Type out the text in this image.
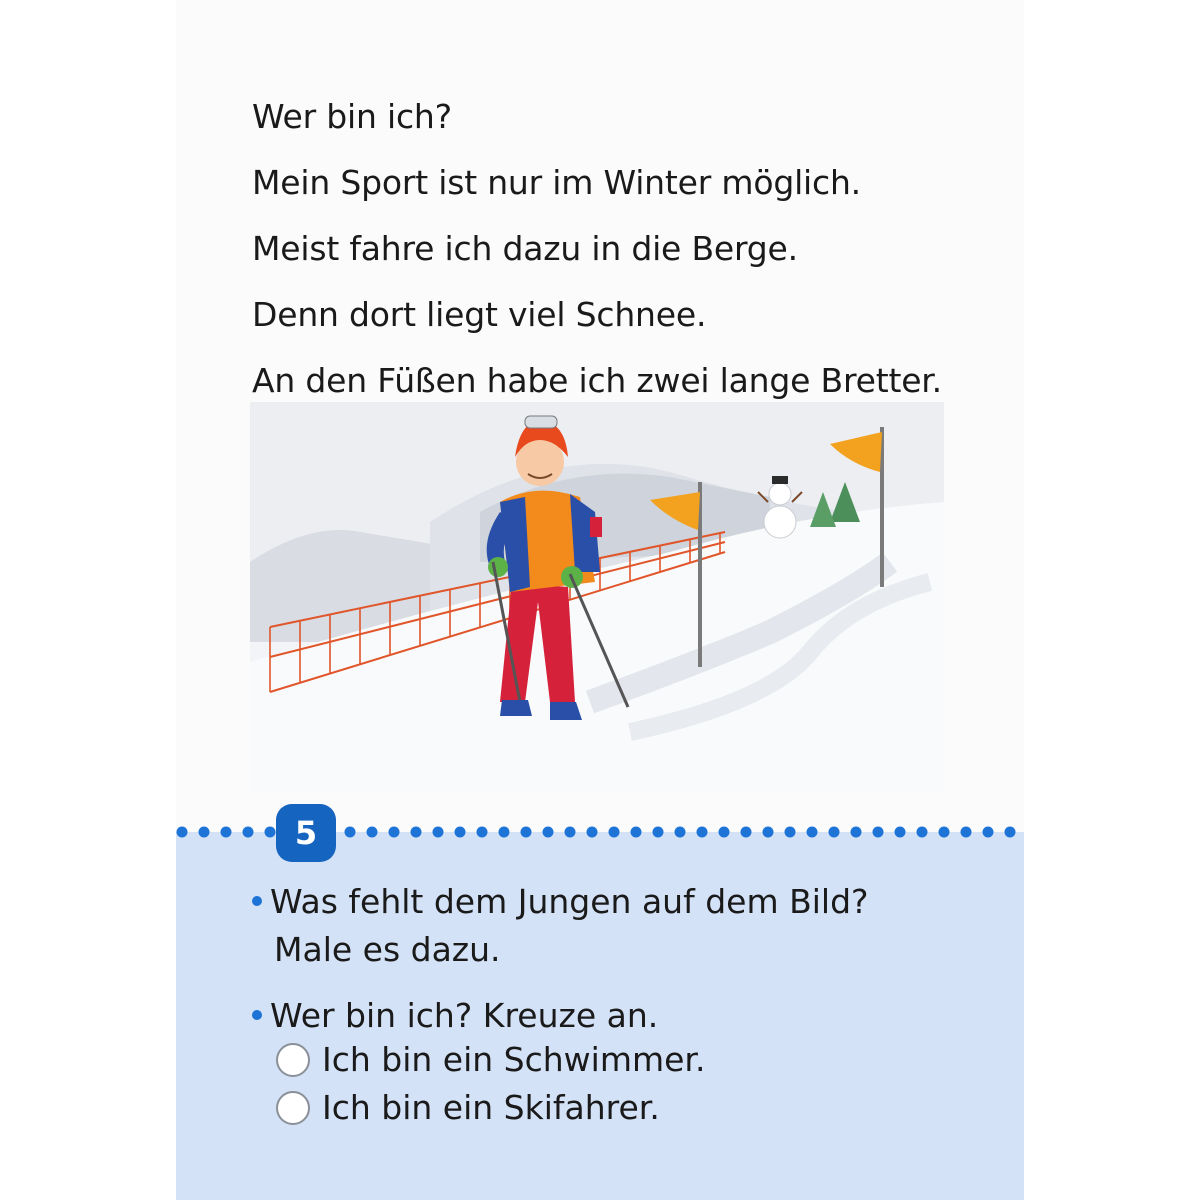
Wer bin ich?

Mein Sport ist nur im Winter möglich.

Meist fahre ich dazu in die Berge.

Denn dort liegt viel Schnee.

An den Füßen habe ich zwei lange Bretter.

5
Was fehlt dem Jungen auf dem Bild?
Male es dazu.
Wer bin ich? Kreuze an.
Ich bin ein Schwimmer.
Ich bin ein Skifahrer.
